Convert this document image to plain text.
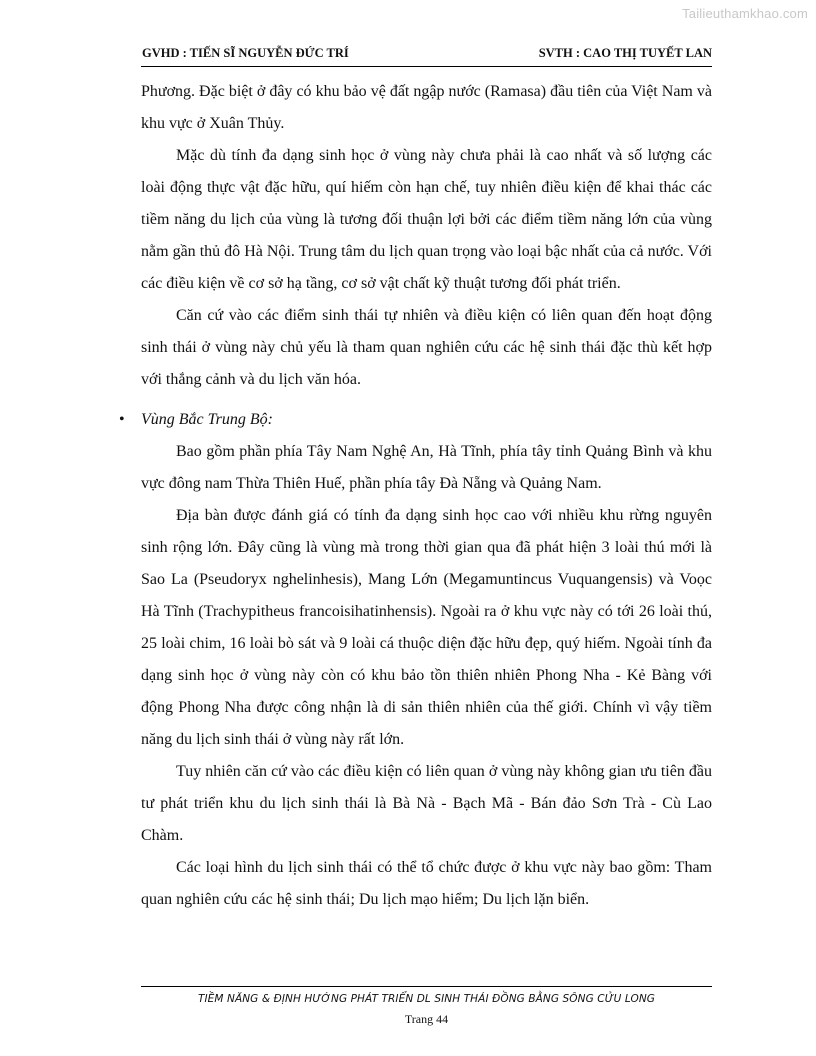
Tailieuthamkhao.com
GVHD : TIẾN SĨ NGUYỄN ĐỨC TRÍ	SVTH : CAO THỊ TUYẾT LAN

Phương. Đặc biệt ở đây có khu bảo vệ đất ngập nước (Ramasa) đầu tiên của Việt Nam và khu vực ở Xuân Thủy.

Mặc dù tính đa dạng sinh học ở vùng này chưa phải là cao nhất và số lượng các loài động thực vật đặc hữu, quí hiếm còn hạn chế, tuy nhiên điều kiện để khai thác các tiềm năng du lịch của vùng là tương đối thuận lợi bởi các điểm tiềm năng lớn của vùng nằm gần thủ đô Hà Nội. Trung tâm du lịch quan trọng vào loại bậc nhất của cả nước. Với các điều kiện về cơ sở hạ tầng, cơ sở vật chất kỹ thuật tương đối phát triển.

Căn cứ vào các điểm sinh thái tự nhiên và điều kiện có liên quan đến hoạt động sinh thái ở vùng này chủ yếu là tham quan nghiên cứu các hệ sinh thái đặc thù kết hợp với thắng cảnh và du lịch văn hóa.

• Vùng Bắc Trung Bộ:

Bao gồm phần phía Tây Nam Nghệ An, Hà Tĩnh, phía tây tỉnh Quảng Bình và khu vực đông nam Thừa Thiên Huế, phần phía tây Đà Nẵng và Quảng Nam.

Địa bàn được đánh giá có tính đa dạng sinh học cao với nhiều khu rừng nguyên sinh rộng lớn. Đây cũng là vùng mà trong thời gian qua đã phát hiện 3 loài thú mới là Sao La (Pseudoryx nghelinhesis), Mang Lớn (Megamuntincus Vuquangensis) và Voọc Hà Tĩnh (Trachypitheus francoisihatinhensis). Ngoài ra ở khu vực này có tới 26 loài thú, 25 loài chim, 16 loài bò sát và 9 loài cá thuộc diện đặc hữu đẹp, quý hiếm. Ngoài tính đa dạng sinh học ở vùng này còn có khu bảo tồn thiên nhiên Phong Nha - Kẻ Bàng với động Phong Nha được công nhận là di sản thiên nhiên của thế giới. Chính vì vậy tiềm năng du lịch sinh thái ở vùng này rất lớn.

Tuy nhiên căn cứ vào các điều kiện có liên quan ở vùng này không gian ưu tiên đầu tư phát triển khu du lịch sinh thái là Bà Nà - Bạch Mã - Bán đảo Sơn Trà - Cù Lao Chàm.

Các loại hình du lịch sinh thái có thể tổ chức được ở khu vực này bao gồm: Tham quan nghiên cứu các hệ sinh thái; Du lịch mạo hiểm; Du lịch lặn biển.

TIỀM NĂNG & ĐỊNH HƯỚNG PHÁT TRIỂN DL SINH THÁI ĐỒNG BẰNG SÔNG CỬU LONG
Trang 44
